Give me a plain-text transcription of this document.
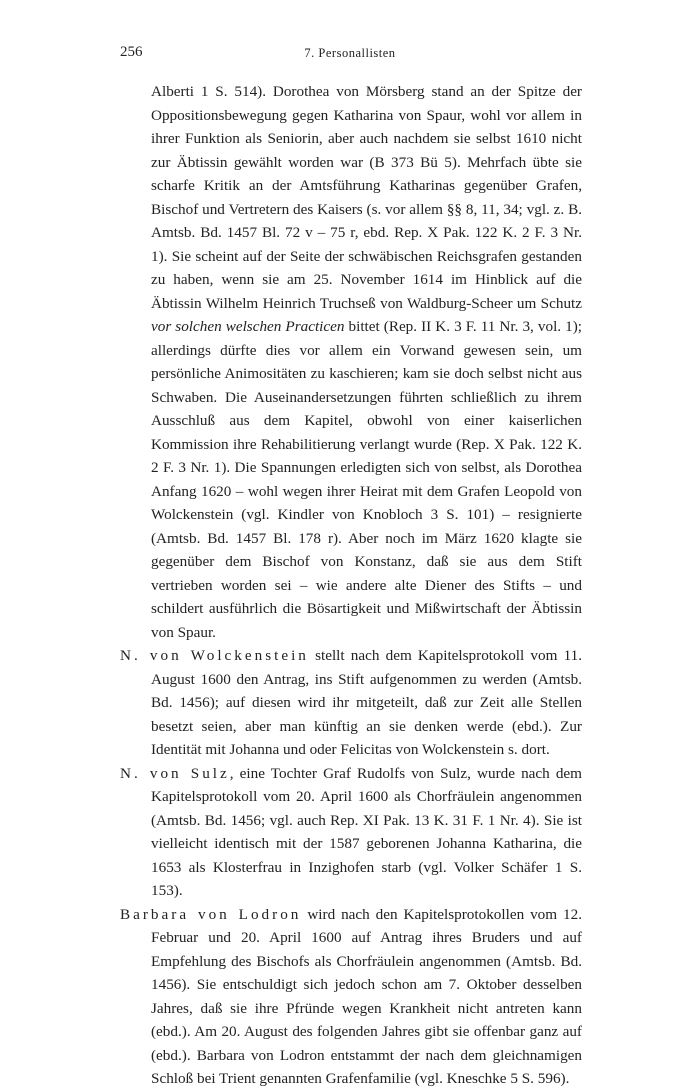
256	7. Personallisten

Alberti 1 S. 514). Dorothea von Mörsberg stand an der Spitze der Oppositionsbewegung gegen Katharina von Spaur, wohl vor allem in ihrer Funktion als Seniorin, aber auch nachdem sie selbst 1610 nicht zur Äbtissin gewählt worden war (B 373 Bü 5). Mehrfach übte sie scharfe Kritik an der Amtsführung Katharinas gegenüber Grafen, Bischof und Vertretern des Kaisers (s. vor allem §§ 8, 11, 34; vgl. z. B. Amtsb. Bd. 1457 Bl. 72 v – 75 r, ebd. Rep. X Pak. 122 K. 2 F. 3 Nr. 1). Sie scheint auf der Seite der schwäbischen Reichsgrafen gestanden zu haben, wenn sie am 25. November 1614 im Hinblick auf die Äbtissin Wilhelm Heinrich Truchseß von Waldburg-Scheer um Schutz vor solchen welschen Practicen bittet (Rep. II K. 3 F. 11 Nr. 3, vol. 1); allerdings dürfte dies vor allem ein Vorwand gewesen sein, um persönliche Animositäten zu kaschieren; kam sie doch selbst nicht aus Schwaben. Die Auseinandersetzungen führten schließlich zu ihrem Ausschluß aus dem Kapitel, obwohl von einer kaiserlichen Kommission ihre Rehabilitierung verlangt wurde (Rep. X Pak. 122 K. 2 F. 3 Nr. 1). Die Spannungen erledigten sich von selbst, als Dorothea Anfang 1620 – wohl wegen ihrer Heirat mit dem Grafen Leopold von Wolckenstein (vgl. Kindler von Knobloch 3 S. 101) – resignierte (Amtsb. Bd. 1457 Bl. 178 r). Aber noch im März 1620 klagte sie gegenüber dem Bischof von Konstanz, daß sie aus dem Stift vertrieben worden sei – wie andere alte Diener des Stifts – und schildert ausführlich die Bösartigkeit und Mißwirtschaft der Äbtissin von Spaur.

N. von Wolckenstein stellt nach dem Kapitelsprotokoll vom 11. August 1600 den Antrag, ins Stift aufgenommen zu werden (Amtsb. Bd. 1456); auf diesen wird ihr mitgeteilt, daß zur Zeit alle Stellen besetzt seien, aber man künftig an sie denken werde (ebd.). Zur Identität mit Johanna und oder Felicitas von Wolckenstein s. dort.

N. von Sulz, eine Tochter Graf Rudolfs von Sulz, wurde nach dem Kapitelsprotokoll vom 20. April 1600 als Chorfräulein angenommen (Amtsb. Bd. 1456; vgl. auch Rep. XI Pak. 13 K. 31 F. 1 Nr. 4). Sie ist vielleicht identisch mit der 1587 geborenen Johanna Katharina, die 1653 als Klosterfrau in Inzighofen starb (vgl. Volker Schäfer 1 S. 153).

Barbara von Lodron wird nach den Kapitelsprotokollen vom 12. Februar und 20. April 1600 auf Antrag ihres Bruders und auf Empfehlung des Bischofs als Chorfräulein angenommen (Amtsb. Bd. 1456). Sie entschuldigt sich jedoch schon am 7. Oktober desselben Jahres, daß sie ihre Pfründe wegen Krankheit nicht antreten kann (ebd.). Am 20. August des folgenden Jahres gibt sie offenbar ganz auf (ebd.). Barbara von Lodron entstammt der nach dem gleichnamigen Schloß bei Trient genannten Grafenfamilie (vgl. Kneschke 5 S. 596).
